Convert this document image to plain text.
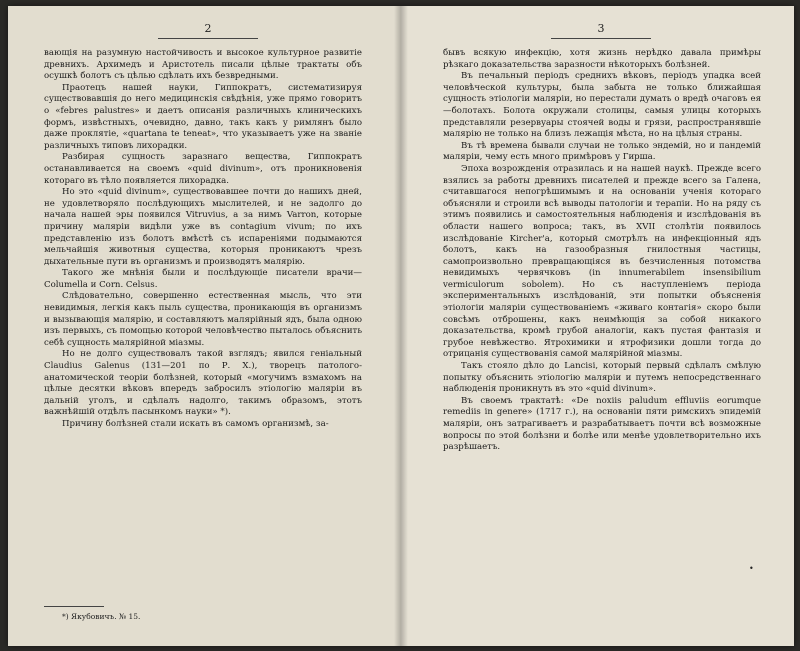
2

вающія на разумную настойчивость и высокое культурное развитіе древнихъ. Архимедъ и Аристотель писали цѣлые трактаты объ осушкѣ болотъ съ цѣлью сдѣлать ихъ безвредными.

Праотецъ нашей науки, Гиппократъ, систематизируя существовавшія до него медицинскія свѣдѣнія, уже прямо говоритъ о «febres palustres» и даетъ описанія различныхъ клиническихъ формъ, извѣстныхъ, очевидно, давно, такъ какъ у римлянъ было даже проклятіе, «quartana te teneat», что указываетъ уже на званіе различныхъ типовъ лихорадки.

Разбирая сущность заразнаго вещества, Гиппократъ останавливается на своемъ «quid divinum», отъ проникновенія котораго въ тѣло появляется лихорадка.

Но это «quid divinum», существовавшее почти до нашихъ дней, не удовлетворяло послѣдующихъ мыслителей, и не задолго до начала нашей эры появился Vitruvius, а за нимъ Varron, которые причину маляріи видѣли уже въ contagium vivum; по ихъ представленію изъ болотъ вмѣстѣ съ испареніями подымаются мельчайшія животныя существа, которыя проникаютъ чрезъ дыхательные пути въ организмъ и производятъ малярію.

Такого же мнѣнія были и послѣдующіе писатели врачи— Columella и Corn. Celsus.

Слѣдовательно, совершенно естественная мысль, что эти невидимыя, легкія какъ пыль существа, проникающія въ организмъ и вызывающія малярію, и составляютъ малярійный ядъ, была одною изъ первыхъ, съ помощью которой человѣчество пыталось объяснить себѣ сущность малярійной міазмы.

Но не долго существовалъ такой взглядъ; явился геніальный Claudius Galenus (131—201 по Р. Х.), творецъ патолого-анатомической теоріи болѣзней, который «могучимъ взмахомъ на цѣлые десятки вѣковъ впередъ забросилъ этіологію маляріи въ дальній уголъ, и сдѣлалъ надолго, такимъ образомъ, этотъ важнѣйшій отдѣлъ пасынкомъ науки» *).

Причину болѣзней стали искать въ самомъ организмѣ, за-

*) Якубовичъ. № 15.
3

бывъ всякую инфекцію, хотя жизнь нерѣдко давала примѣры рѣзкаго доказательства заразности нѣкоторыхъ болѣзней.

Въ печальный періодъ среднихъ вѣковъ, періодъ упадка всей человѣческой культуры, была забыта не только ближайшая сущность этіологіи маляріи, но перестали думать о вредѣ очаговъ ея—болотахъ. Болота окружали столицы, самыя улицы которыхъ представляли резервуары стоячей воды и грязи, распространявшіе малярію не только на близъ лежащія мѣста, но на цѣлыя страны.

Въ тѣ времена бывали случаи не только эндемій, но и пандемій маляріи, чему есть много примѣровъ у Гирша.

Эпоха возрожденія отразилась и на нашей наукѣ. Прежде всего взялись за работы древнихъ писателей и прежде всего за Галена, считавшагося непогрѣшимымъ и на основаніи ученія котораго объясняли и строили всѣ выводы патологіи и терапіи. Но на ряду съ этимъ появились и самостоятельныя наблюденія и изслѣдованія въ области нашего вопроса; такъ, въ XVII столѣтіи появилось изслѣдованіе Kircher'a, который смотрѣлъ на инфекціонный ядъ болотъ, какъ на газообразныя гнилостныя частицы, самопроизвольно превращающіяся въ безчисленныя потомства невидимыхъ червячковъ (in innumerabilem insensibilium vermiculorum sobolem). Но съ наступленіемъ періода экспериментальныхъ изслѣдованій, эти попытки объясненія этіологіи маляріи существованіемъ «живаго контагія» скоро были совсѣмъ отброшены, какъ неимѣющія за собой никакого доказательства, кромѣ грубой аналогіи, какъ пустая фантазія и грубое невѣжество. Ятрохимики и ятрофизики дошли тогда до отрицанія существованія самой малярійной міазмы.

Такъ стояло дѣло до Lancisi, который первый сдѣлалъ смѣлую попытку объяснить этіологію маляріи и путемъ непосредственнаго наблюденія проникнуть въ это «quid divinum».

Въ своемъ трактатѣ: «De noxiis paludum effluviis eorumque remediis in genere» (1717 г.), на основаніи пяти римскихъ эпидемій маляріи, онъ затрагиваетъ и разрабатываетъ почти всѣ возможные вопросы по этой болѣзни и болѣе или менѣе удовлетворительно ихъ разрѣшаетъ.

•
